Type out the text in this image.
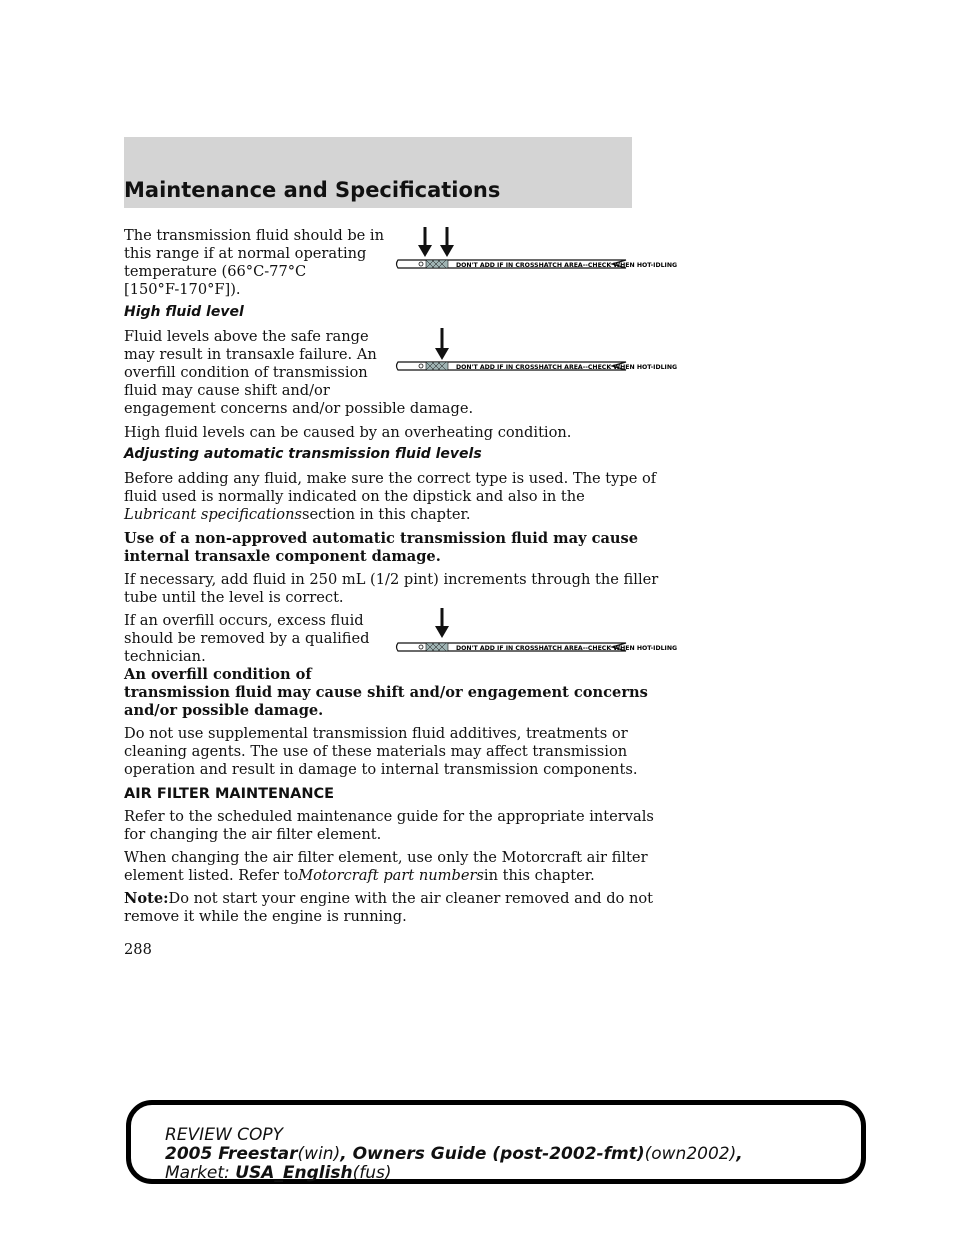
Maintenance and Specifications

The transmission fluid should be in

this range if at normal operating

temperature (66°C-77°C

[150°F-170°F]).

DON'T ADD IF IN CROSSHATCH AREA--CHECK WHEN HOT-IDLING

High fluid level

Fluid levels above the safe range

may result in transaxle failure. An

overfill condition of transmission

fluid may cause shift and/or

engagement concerns and/or possible damage.

DON'T ADD IF IN CROSSHATCH AREA--CHECK WHEN HOT-IDLING

High fluid levels can be caused by an overheating condition.

Adjusting automatic transmission fluid levels

Before adding any fluid, make sure the correct type is used. The type of

fluid used is normally indicated on the dipstick and also in the

Lubricant specificationssection in this chapter.

Use of a non-approved automatic transmission fluid may cause

internal transaxle component damage.

If necessary, add fluid in 250 mL (1/2 pint) increments through the filler

tube until the level is correct.

If an overfill occurs, excess fluid

should be removed by a qualified

technician.	DON'T ADD IF IN CROSSHATCH AREA--CHECK WHEN HOT-IDLING

An overfill condition of

transmission fluid may cause shift and/or engagement concerns

and/or possible damage.

Do not use supplemental transmission fluid additives, treatments or

cleaning agents. The use of these materials may affect transmission

operation and result in damage to internal transmission components.

AIR FILTER MAINTENANCE

Refer to the scheduled maintenance guide for the appropriate intervals

for changing the air filter element.

When changing the air filter element, use only the Motorcraft air filter

element listed. Refer toMotorcraft part numbersin this chapter.

Note:Do not start your engine with the air cleaner removed and do not

remove it while the engine is running.

288
REVIEW COPY
2005 Freestar(win), Owners Guide (post-2002-fmt)(own2002),
Market: USA_English(fus)
